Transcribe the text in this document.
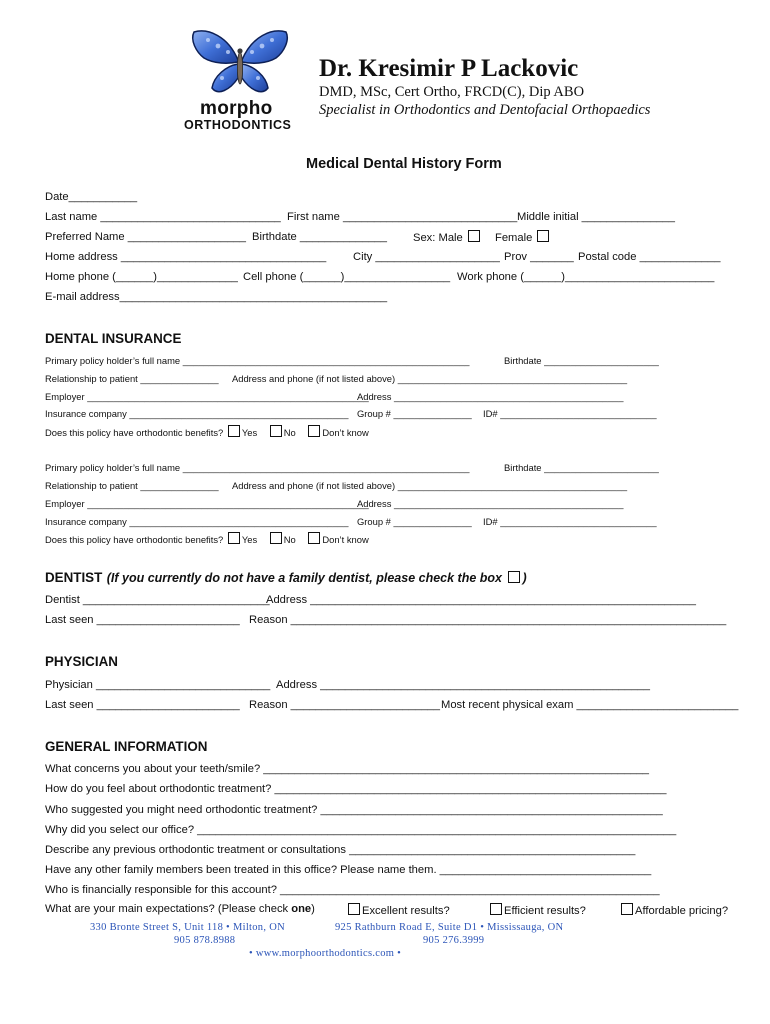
morpho
ORTHODONTICS
Dr. Kresimir P Lackovic
DMD, MSc, Cert Ortho, FRCD(C), Dip ABO
Specialist in Orthodontics and Dentofacial Orthopaedics
Medical Dental History Form
Date___________
Last name _____________________________ First name ____________________________ Middle initial _______________
Preferred Name ___________________ Birthdate ______________ Sex: Male	Female
Home address _________________________________ City ____________________ Prov _______ Postal code _____________
Home phone (______)_____________ Cell phone (______)_________________ Work phone (______)________________________
E-mail address___________________________________________
DENTAL INSURANCE
Primary policy holder’s full name _______________________________________________________	Birthdate ______________________
Relationship to patient _______________ Address and phone (if not listed above) ____________________________________________
Employer ______________________________________________________
Address ____________________________________________
Insurance company __________________________________________ Group # _______________ ID# ______________________________
Does this policy have orthodontic benefits? Yes	No	Don’t know
Primary policy holder’s full name _______________________________________________________	Birthdate ______________________
Relationship to patient _______________ Address and phone (if not listed above) ____________________________________________
Employer ______________________________________________________
Address ____________________________________________
Insurance company __________________________________________ Group # _______________ ID# ______________________________
Does this policy have orthodontic benefits? Yes	No	Don’t know
DENTIST (If you currently do not have a family dentist, please check the box )
Dentist ______________________________
Address ______________________________________________________________
Last seen _______________________ Reason ______________________________________________________________________
PHYSICIAN
Physician ____________________________ Address _____________________________________________________
Last seen _______________________ Reason ________________________ Most recent physical exam __________________________
GENERAL INFORMATION
What concerns you about your teeth/smile? ______________________________________________________________
How do you feel about orthodontic treatment? _______________________________________________________________
Who suggested you might need orthodontic treatment? _______________________________________________________
Why did you select our office? _____________________________________________________________________________
Describe any previous orthodontic treatment or consultations ______________________________________________
Have any other family members been treated in this office? Please name them. __________________________________
Who is financially responsible for this account? _____________________________________________________________
What are your main expectations? (Please check one)	Excellent results?	Efficient results?	Affordable pricing?
330 Bronte Street S, Unit 118 • Milton, ON
905 878.8988
925 Rathburn Road E, Suite D1 • Mississauga, ON
905 276.3999
• www.morphoorthodontics.com •
